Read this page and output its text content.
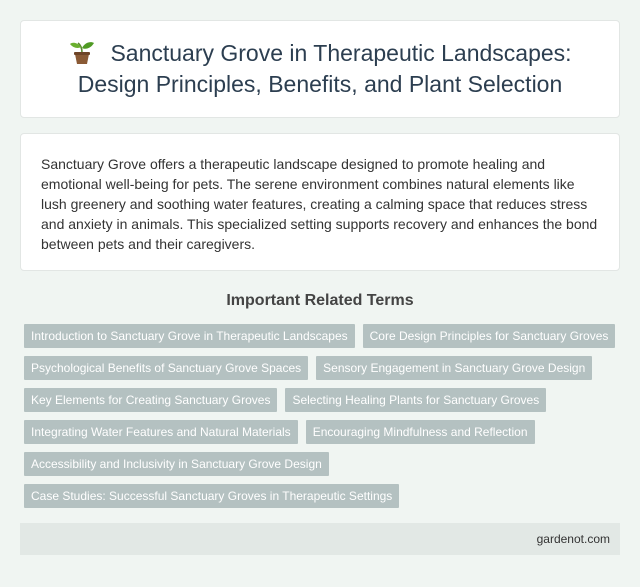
Sanctuary Grove in Therapeutic Landscapes: Design Principles, Benefits, and Plant Selection

Sanctuary Grove offers a therapeutic landscape designed to promote healing and emotional well-being for pets. The serene environment combines natural elements like lush greenery and soothing water features, creating a calming space that reduces stress and anxiety in animals. This specialized setting supports recovery and enhances the bond between pets and their caregivers.

Important Related Terms
Introduction to Sanctuary Grove in Therapeutic Landscapes	Core Design Principles for Sanctuary Groves
Psychological Benefits of Sanctuary Grove Spaces	Sensory Engagement in Sanctuary Grove Design
Key Elements for Creating Sanctuary Groves	Selecting Healing Plants for Sanctuary Groves
Integrating Water Features and Natural Materials	Encouraging Mindfulness and Reflection
Accessibility and Inclusivity in Sanctuary Grove Design
Case Studies: Successful Sanctuary Groves in Therapeutic Settings
gardenot.com
